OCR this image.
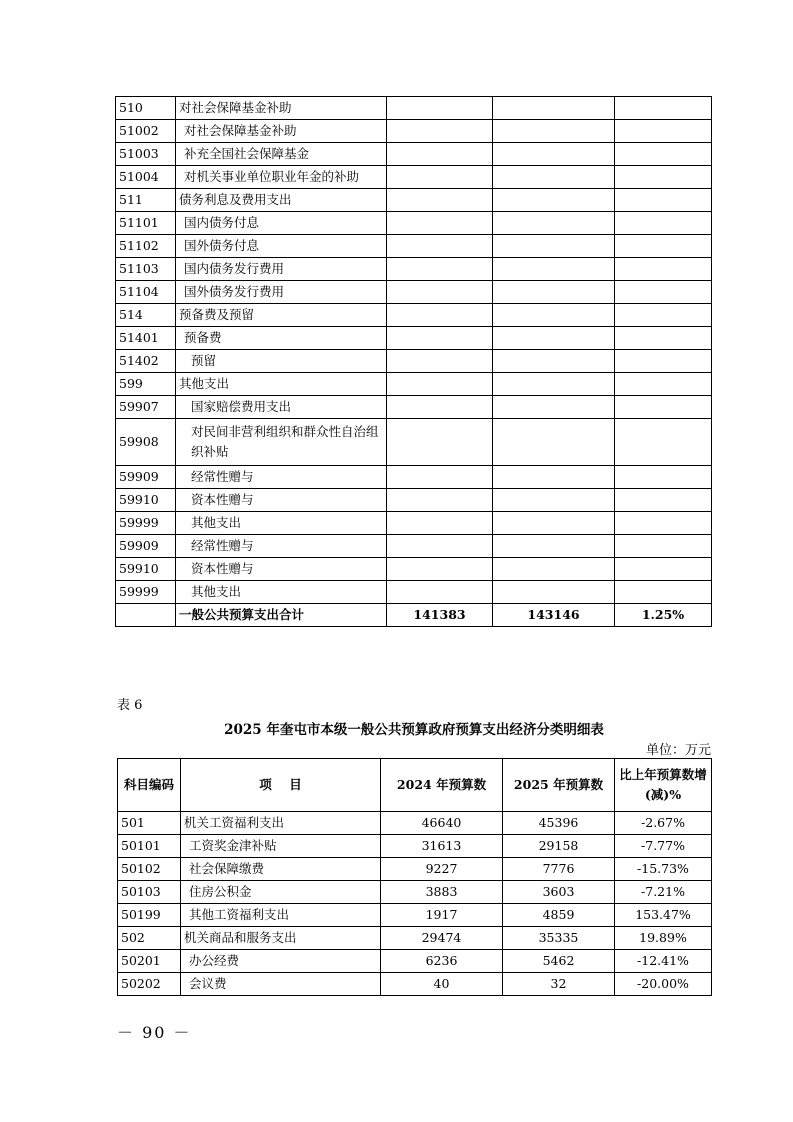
510	对社会保障基金补助			
51002	对社会保障基金补助			
51003	补充全国社会保障基金			
51004	对机关事业单位职业年金的补助			
511	债务利息及费用支出			
51101	国内债务付息			
51102	国外债务付息			
51103	国内债务发行费用			
51104	国外债务发行费用			
514	预备费及预留			
51401	预备费			
51402	预留			
599	其他支出			
59907	国家赔偿费用支出			
59908	对民间非营利组织和群众性自治组织补贴			
59909	经常性赠与			
59910	资本性赠与			
59999	其他支出			
59909	经常性赠与			
59910	资本性赠与			
59999	其他支出			
	一般公共预算支出合计	141383	143146	1.25%
表 6
2025 年奎屯市本级一般公共预算政府预算支出经济分类明细表
单位：万元
科目编码	项    目	2024 年预算数	2025 年预算数	比上年预算数增 (减)%
501	机关工资福利支出	46640	45396	-2.67%
50101	工资奖金津补贴	31613	29158	-7.77%
50102	社会保障缴费	9227	7776	-15.73%
50103	住房公积金	3883	3603	-7.21%
50199	其他工资福利支出	1917	4859	153.47%
502	机关商品和服务支出	29474	35335	19.89%
50201	办公经费	6236	5462	-12.41%
50202	会议费	40	32	-20.00%
－ 90 －
